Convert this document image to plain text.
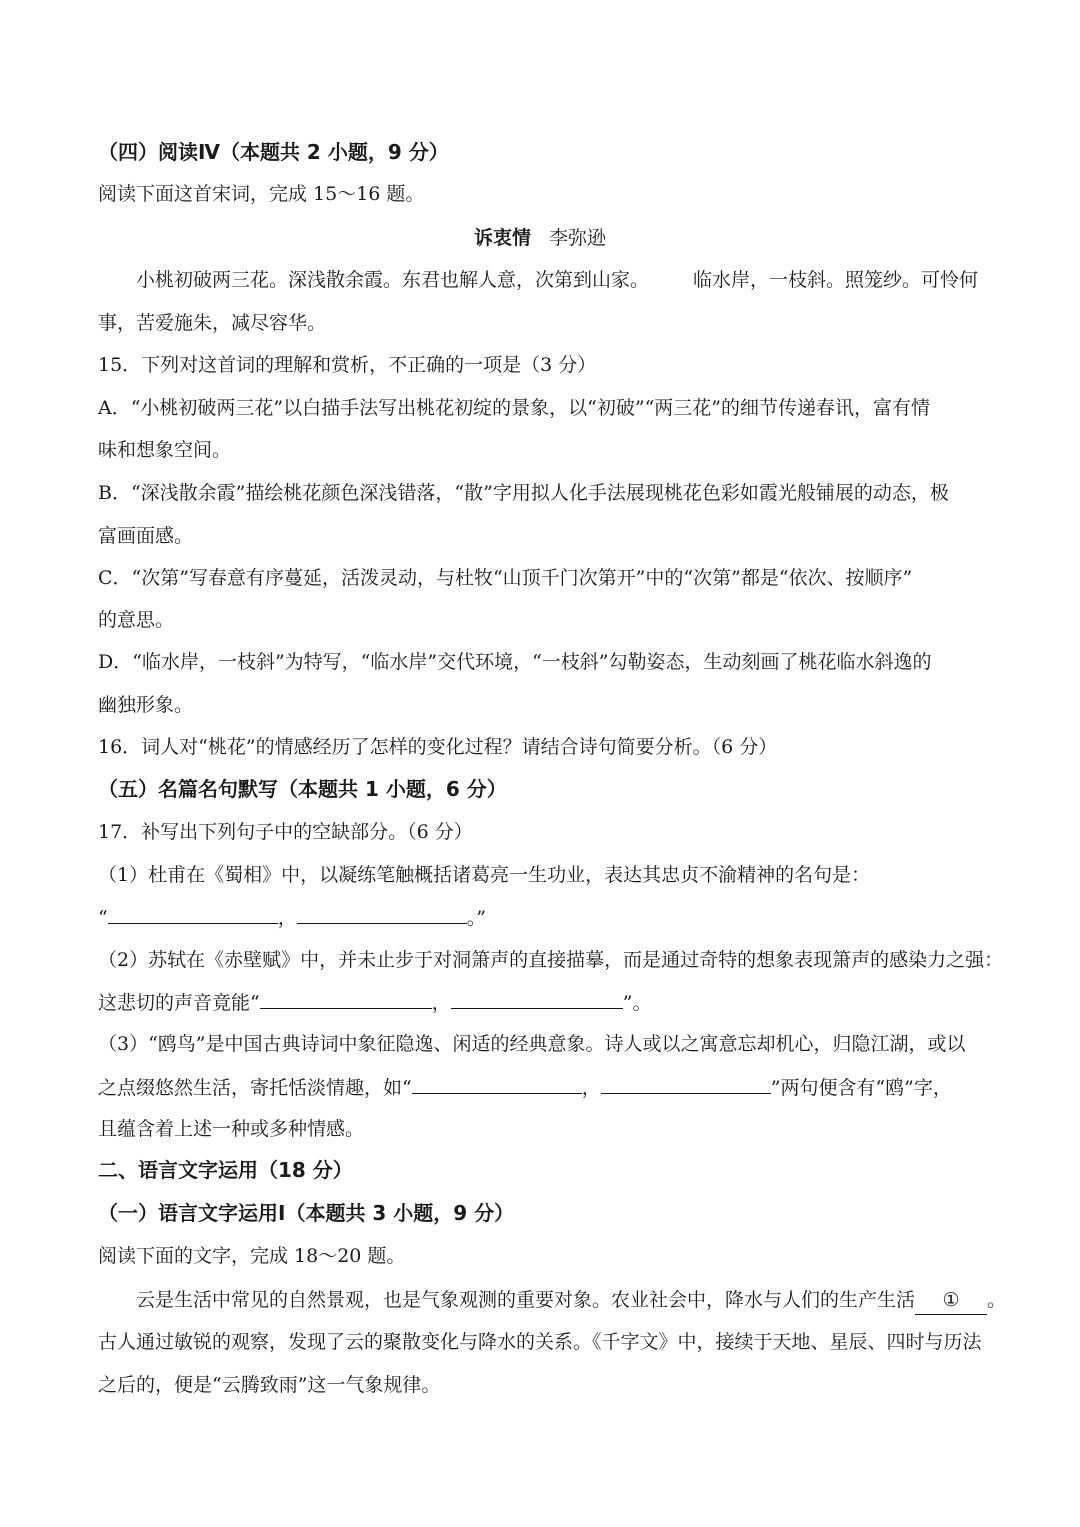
（四）阅读Ⅳ（本题共 2 小题，9 分）
阅读下面这首宋词，完成 15～16 题。
诉衷情 李弥逊
小桃初破两三花。深浅散余霞。东君也解人意，次第到山家。 临水岸，一枝斜。照笼纱。可怜何
事，苦爱施朱，减尽容华。
15．下列对这首词的理解和赏析，不正确的一项是（3 分）
A．“小桃初破两三花”以白描手法写出桃花初绽的景象，以“初破”“两三花”的细节传递春讯，富有情
味和想象空间。
B．“深浅散余霞”描绘桃花颜色深浅错落，“散”字用拟人化手法展现桃花色彩如霞光般铺展的动态，极
富画面感。
C．“次第”写春意有序蔓延，活泼灵动，与杜牧“山顶千门次第开”中的“次第”都是“依次、按顺序”
的意思。
D．“临水岸，一枝斜”为特写，“临水岸”交代环境，“一枝斜”勾勒姿态，生动刻画了桃花临水斜逸的
幽独形象。
16．词人对“桃花”的情感经历了怎样的变化过程？请结合诗句简要分析。（6 分）
（五）名篇名句默写（本题共 1 小题，6 分）
17．补写出下列句子中的空缺部分。（6 分）
（1）杜甫在《蜀相》中，以凝练笔触概括诸葛亮一生功业，表达其忠贞不渝精神的名句是：
“	，	。”
（2）苏轼在《赤壁赋》中，并未止步于对洞箫声的直接描摹，而是通过奇特的想象表现箫声的感染力之强：
这悲切的声音竟能“	，	”。
（3）“鸥鸟”是中国古典诗词中象征隐逸、闲适的经典意象。诗人或以之寓意忘却机心，归隐江湖，或以
之点缀悠然生活，寄托恬淡情趣，如“	，	”两句便含有“鸥”字，
且蕴含着上述一种或多种情感。
二、语言文字运用（18 分）
（一）语言文字运用Ⅰ（本题共 3 小题，9 分）
阅读下面的文字，完成 18～20 题。
云是生活中常见的自然景观，也是气象观测的重要对象。农业社会中，降水与人们的生产生活 ① 。
古人通过敏锐的观察，发现了云的聚散变化与降水的关系。《千字文》中，接续于天地、星辰、四时与历法
之后的，便是“云腾致雨”这一气象规律。
